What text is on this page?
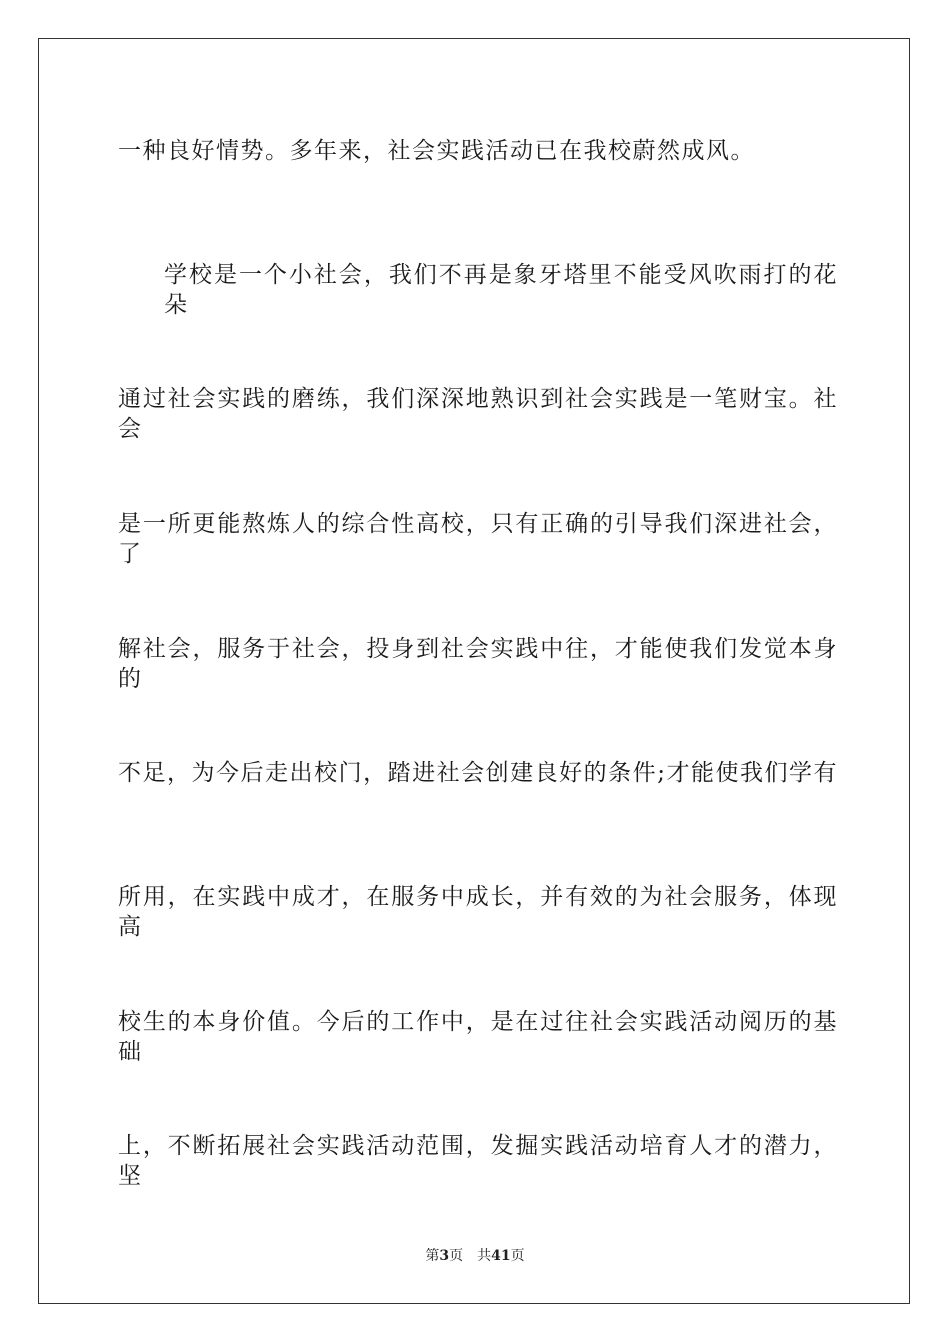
一种良好情势。多年来，社会实践活动已在我校蔚然成风。
学校是一个小社会，我们不再是象牙塔里不能受风吹雨打的花朵
通过社会实践的磨练，我们深深地熟识到社会实践是一笔财宝。社会
是一所更能熬炼人的综合性高校，只有正确的引导我们深进社会，了
解社会，服务于社会，投身到社会实践中往，才能使我们发觉本身的
不足，为今后走出校门，踏进社会创建良好的条件;才能使我们学有
所用，在实践中成才，在服务中成长，并有效的为社会服务，体现高
校生的本身价值。今后的工作中，是在过往社会实践活动阅历的基础
上，不断拓展社会实践活动范围，发掘实践活动培育人才的潜力，坚
第3页 共41页
